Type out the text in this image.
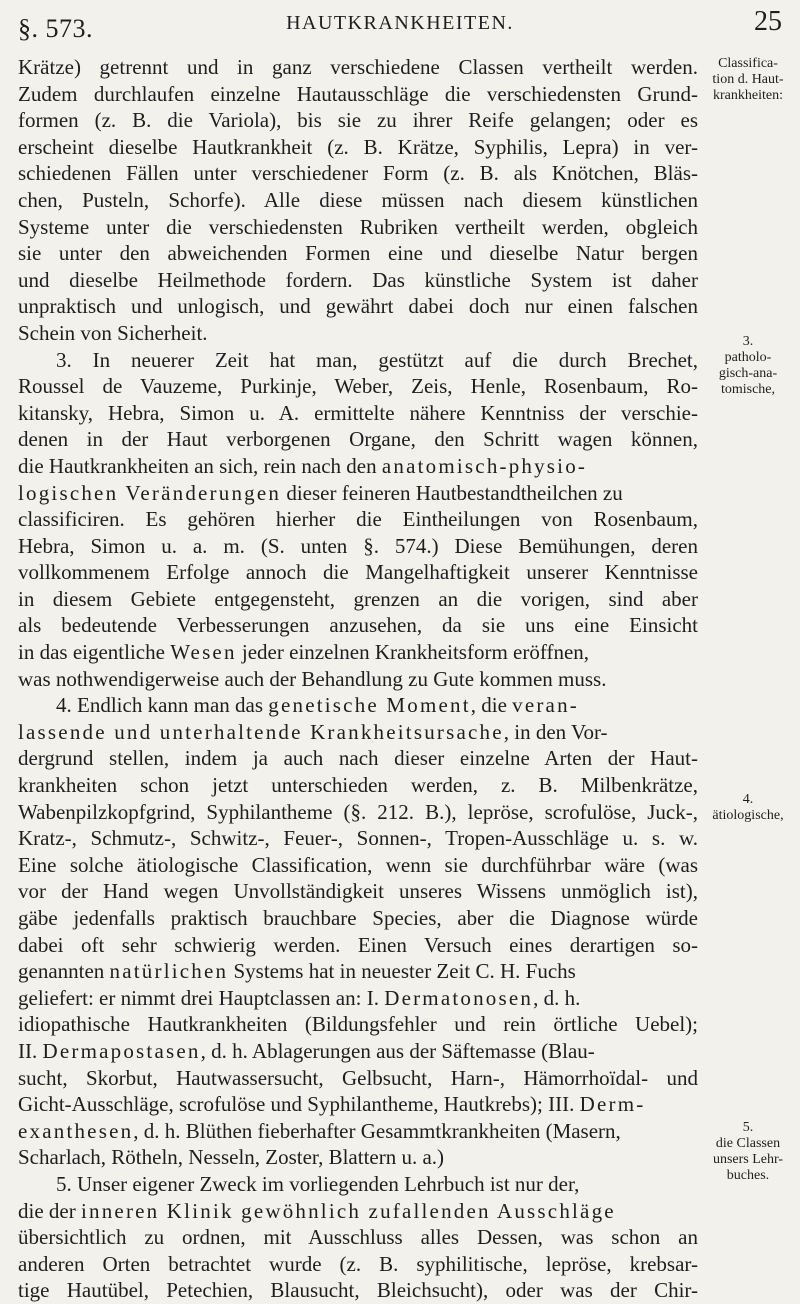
§. 573.	HAUTKRANKHEITEN.	25
Krätze) getrennt und in ganz verschiedene Classen vertheilt werden.
Zudem durchlaufen einzelne Hautausschläge die verschiedensten Grund-
formen (z. B. die Variola), bis sie zu ihrer Reife gelangen; oder es
erscheint dieselbe Hautkrankheit (z. B. Krätze, Syphilis, Lepra) in ver-
schiedenen Fällen unter verschiedener Form (z. B. als Knötchen, Bläs-
chen, Pusteln, Schorfe). Alle diese müssen nach diesem künstlichen
Systeme unter die verschiedensten Rubriken vertheilt werden, obgleich
sie unter den abweichenden Formen eine und dieselbe Natur bergen
und dieselbe Heilmethode fordern. Das künstliche System ist daher
unpraktisch und unlogisch, und gewährt dabei doch nur einen falschen
Schein von Sicherheit.
3. In neuerer Zeit hat man, gestützt auf die durch Brechet,
Roussel de Vauzeme, Purkinje, Weber, Zeis, Henle, Rosenbaum, Ro-
kitansky, Hebra, Simon u. A. ermittelte nähere Kenntniss der verschie-
denen in der Haut verborgenen Organe, den Schritt wagen können,
die Hautkrankheiten an sich, rein nach den anatomisch-physio-
logischen Veränderungen dieser feineren Hautbestandtheilchen zu
classificiren. Es gehören hierher die Eintheilungen von Rosenbaum,
Hebra, Simon u. a. m. (S. unten §. 574.) Diese Bemühungen, deren
vollkommenem Erfolge annoch die Mangelhaftigkeit unserer Kenntnisse
in diesem Gebiete entgegensteht, grenzen an die vorigen, sind aber
als bedeutende Verbesserungen anzusehen, da sie uns eine Einsicht
in das eigentliche Wesen jeder einzelnen Krankheitsform eröffnen,
was nothwendigerweise auch der Behandlung zu Gute kommen muss.
4. Endlich kann man das genetische Moment, die veran-
lassende und unterhaltende Krankheitsursache, in den Vor-
dergrund stellen, indem ja auch nach dieser einzelne Arten der Haut-
krankheiten schon jetzt unterschieden werden, z. B. Milbenkrätze,
Wabenpilzkopfgrind, Syphilantheme (§. 212. B.), lepröse, scrofulöse, Juck-,
Kratz-, Schmutz-, Schwitz-, Feuer-, Sonnen-, Tropen-Ausschläge u. s. w.
Eine solche ätiologische Classification, wenn sie durchführbar wäre (was
vor der Hand wegen Unvollständigkeit unseres Wissens unmöglich ist),
gäbe jedenfalls praktisch brauchbare Species, aber die Diagnose würde
dabei oft sehr schwierig werden. Einen Versuch eines derartigen so-
genannten natürlichen Systems hat in neuester Zeit C. H. Fuchs
geliefert: er nimmt drei Hauptclassen an: I. Dermatonosen, d. h.
idiopathische Hautkrankheiten (Bildungsfehler und rein örtliche Uebel);
II. Dermapostasen, d. h. Ablagerungen aus der Säftemasse (Blau-
sucht, Skorbut, Hautwassersucht, Gelbsucht, Harn-, Hämorrhoïdal- und
Gicht-Ausschläge, scrofulöse und Syphilantheme, Hautkrebs); III. Derm-
exanthesen, d. h. Blüthen fieberhafter Gesammtkrankheiten (Masern,
Scharlach, Rötheln, Nesseln, Zoster, Blattern u. a.)
5. Unser eigener Zweck im vorliegenden Lehrbuch ist nur der,
die der inneren Klinik gewöhnlich zufallenden Ausschläge
übersichtlich zu ordnen, mit Ausschluss alles Dessen, was schon an
anderen Orten betrachtet wurde (z. B. syphilitische, lepröse, krebsar-
tige Hautübel, Petechien, Blausucht, Bleichsucht), oder was der Chir-
Classifica-
tion d. Haut-
krankheiten:
3.
patholo-
gisch-ana-
tomische,
4.
ätiologische,
5.
die Classen
unsers Lehr-
buches.
